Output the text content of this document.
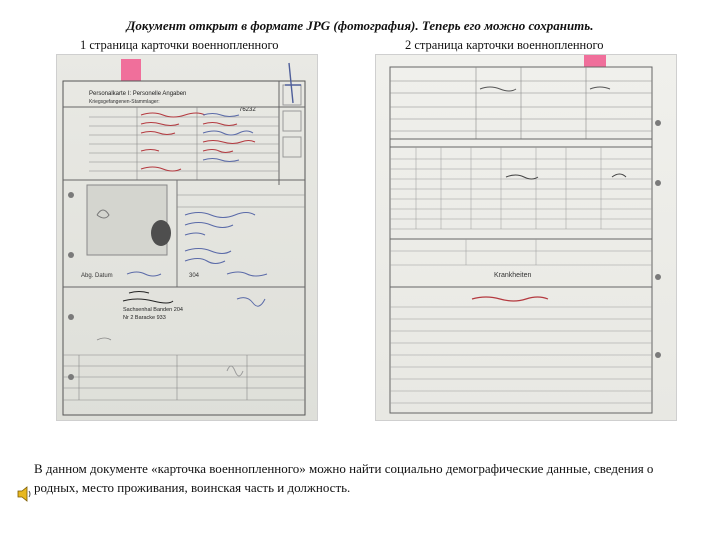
Документ открыт в формате JPG (фотография). Теперь его можно сохранить.
1 страница карточки военнопленного	2 страница карточки военнопленного
Personalkarte I: Personelle Angaben
Kriegsgefangenen-Stammlager:
76232
Abg. Datum	304
Sachsenhal Banden 204
Nr 2 Baracke 933
Krankheiten
В данном документе «карточка военнопленного» можно найти социально демографические данные, сведения о родных, место проживания, воинская часть и должность.
